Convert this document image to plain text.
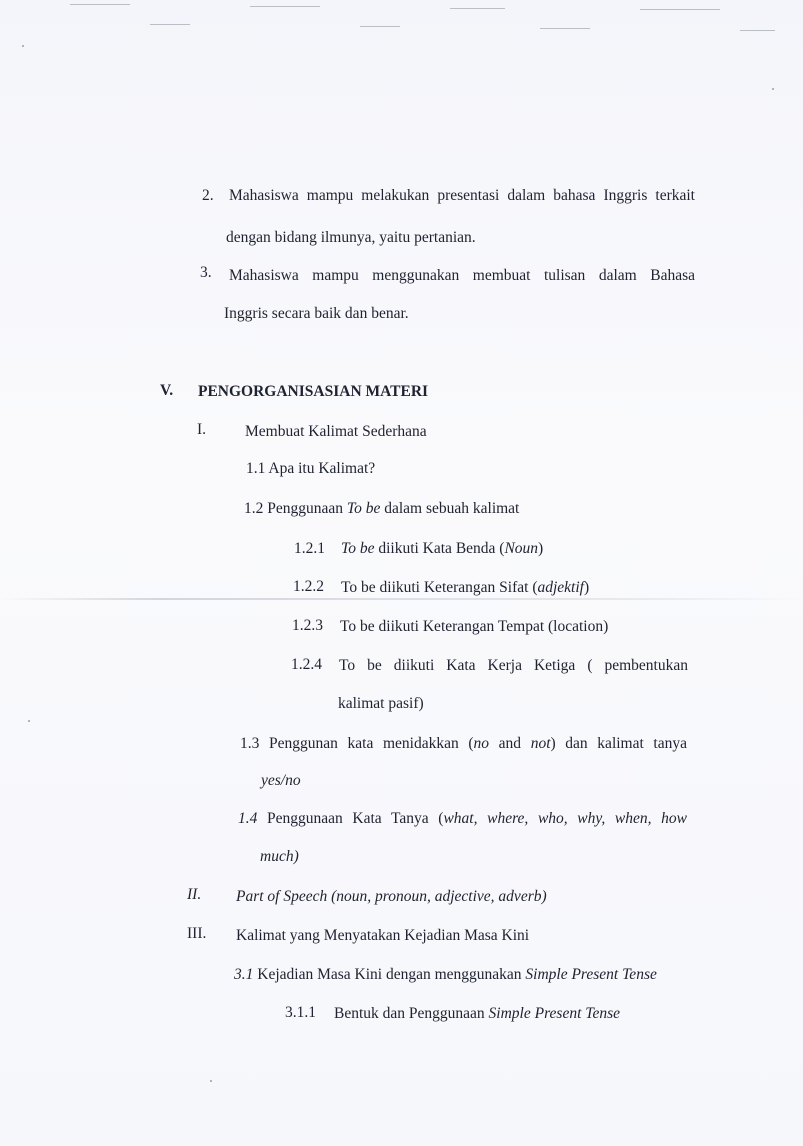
2. Mahasiswa mampu melakukan presentasi dalam bahasa Inggris terkait
dengan bidang ilmunya, yaitu pertanian.
3. Mahasiswa mampu menggunakan membuat tulisan dalam Bahasa
Inggris secara baik dan benar.
V. PENGORGANISASIAN MATERI
I.	Membuat Kalimat Sederhana
1.1 Apa itu Kalimat?
1.2 Penggunaan To be dalam sebuah kalimat
1.2.1 To be diikuti Kata Benda (Noun)
1.2.2 To be diikuti Keterangan Sifat (adjektif)
1.2.3 To be diikuti Keterangan Tempat (location)
1.2.4 To be diikuti Kata Kerja Ketiga ( pembentukan
kalimat pasif)
1.3 Penggunan kata menidakkan (no and not) dan kalimat tanya
yes/no
1.4 Penggunaan Kata Tanya (what, where, who, why, when, how
much)
II. Part of Speech (noun, pronoun, adjective, adverb)
III. Kalimat yang Menyatakan Kejadian Masa Kini
3.1 Kejadian Masa Kini dengan menggunakan Simple Present Tense
3.1.1 Bentuk dan Penggunaan Simple Present Tense
